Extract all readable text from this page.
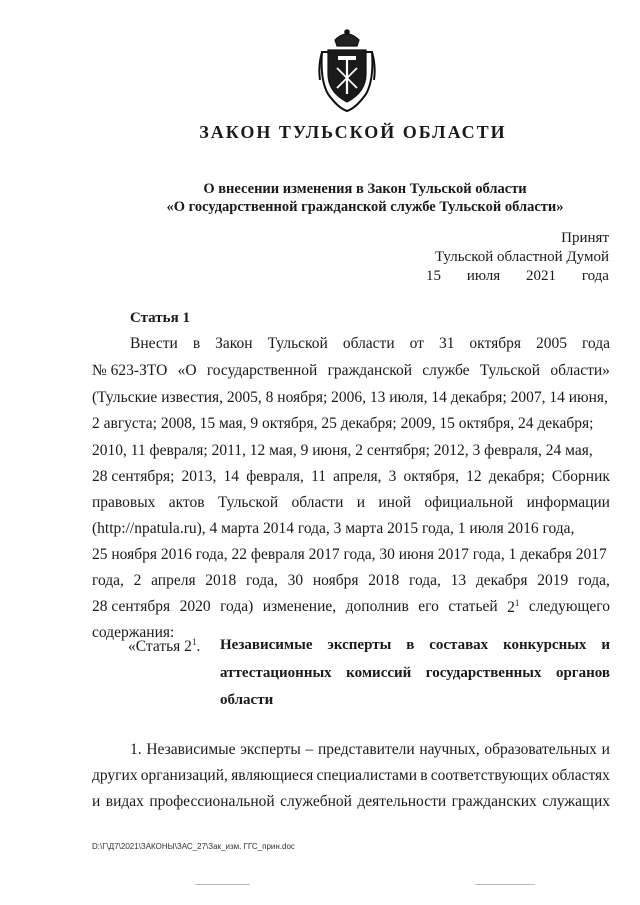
ЗАКОН ТУЛЬСКОЙ ОБЛАСТИ
О внесении изменения в Закон Тульской области
«О государственной гражданской службе Тульской области»
Принят
Тульской областной Думой
15 июля 2021 года
Статья 1
Внести в Закон Тульской области от 31 октября 2005 года
№ 623-ЗТО «О государственной гражданской службе Тульской области»
(Тульские известия, 2005, 8 ноября; 2006, 13 июля, 14 декабря; 2007, 14 июня,
2 августа; 2008, 15 мая, 9 октября, 25 декабря; 2009, 15 октября, 24 декабря;
2010, 11 февраля; 2011, 12 мая, 9 июня, 2 сентября; 2012, 3 февраля, 24 мая,
28 сентября; 2013, 14 февраля, 11 апреля, 3 октября, 12 декабря; Сборник
правовых актов Тульской области и иной официальной информации
(http://npatula.ru), 4 марта 2014 года, 3 марта 2015 года, 1 июля 2016 года,
25 ноября 2016 года, 22 февраля 2017 года, 30 июня 2017 года, 1 декабря 2017
года, 2 апреля 2018 года, 30 ноября 2018 года, 13 декабря 2019 года,
28 сентября 2020 года) изменение, дополнив его статьей $2^1$ следующего
содержания:
«Статья $2^1$. Независимые эксперты в составах конкурсных и
аттестационных комиссий государственных органов
области
1. Независимые эксперты – представители научных, образовательных и
других организаций, являющиеся специалистами в соответствующих областях
и видах профессиональной служебной деятельности гражданских служащих
D:\Г\Д7\2021\ЗАКОНЫ\ЗАС_27\Зак_изм. ГГС_прин.doc
